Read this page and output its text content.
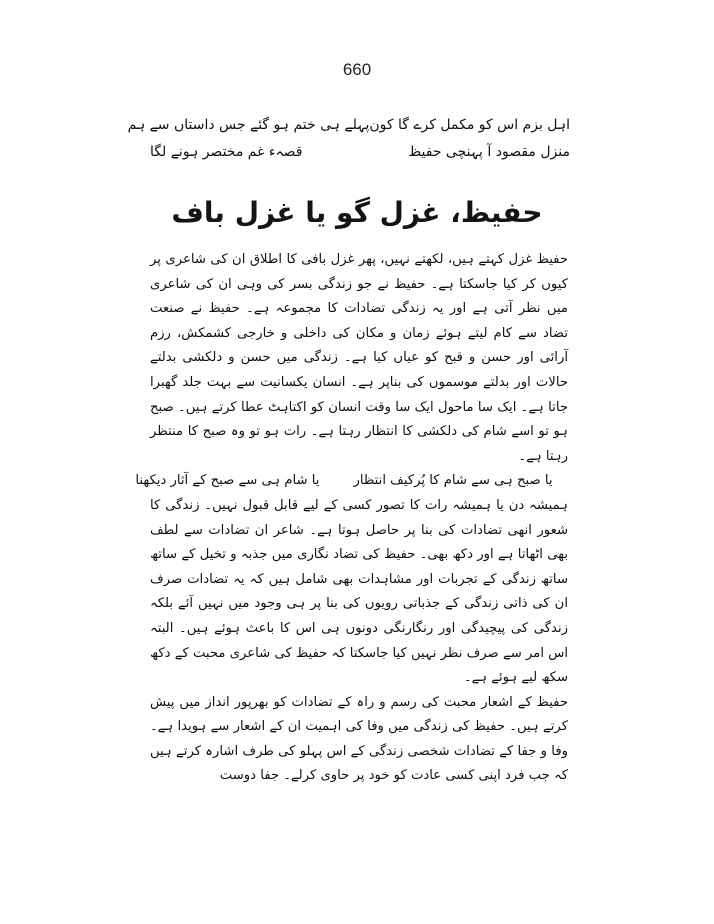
660
اہل بزم اس کو مکمل کرے گا کون
پہلے ہی ختم ہو گئے جس داستاں سے ہم
منزل مقصود آ پہنچی حفیظ
قصہء غم مختصر ہونے لگا
حفیظ، غزل گو یا غزل باف

حفیظ غزل کہتے ہیں، لکھتے نہیں، پھر غزل بافی کا اطلاق ان کی شاعری پر کیوں کر کیا جاسکتا ہے۔ حفیظ نے جو زندگی بسر کی وہی ان کی شاعری میں نظر آتی ہے اور یہ زندگی تضادات کا مجموعہ ہے۔ حفیظ نے صنعت تضاد سے کام لیتے ہوئے زمان و مکان کی داخلی و خارجی کشمکش، رزم آرائی اور حسن و قبح کو عیاں کیا ہے۔ زندگی میں حسن و دلکشی بدلتے حالات اور بدلتے موسموں کی بناپر ہے۔ انسان یکسانیت سے بہت جلد گھبرا جاتا ہے۔ ایک سا ماحول ایک سا وقت انسان کو اکتاہٹ عطا کرتے ہیں۔ صبح ہو تو اسے شام کی دلکشی کا انتظار رہتا ہے۔ رات ہو تو وہ صبح کا منتظر رہتا ہے۔

یا صبح ہی سے شام کا پُرکیف انتظار
یا شام ہی سے صبح کے آثار دیکھنا

ہمیشہ دن یا ہمیشہ رات کا تصور کسی کے لیے قابل قبول نہیں۔ زندگی کا شعور انھی تضادات کی بنا پر حاصل ہوتا ہے۔ شاعر ان تضادات سے لطف بھی اٹھاتا ہے اور دکھ بھی۔ حفیظ کی تضاد نگاری میں جذبہ و تخیل کے ساتھ ساتھ زندگی کے تجربات اور مشاہدات بھی شامل ہیں کہ یہ تضادات صرف ان کی ذاتی زندگی کے جذباتی رویوں کی بنا پر ہی وجود میں نہیں آئے بلکہ زندگی کی پیچیدگی اور رنگارنگی دونوں ہی اس کا باعث ہوئے ہیں۔ البتہ اس امر سے صرف نظر نہیں کیا جاسکتا کہ حفیظ کی شاعری محبت کے دکھ سکھ لیے ہوئے ہے۔

حفیظ کے اشعار محبت کی رسم و راہ کے تضادات کو بھرپور انداز میں پیش کرتے ہیں۔ حفیظ کی زندگی میں وفا کی اہمیت ان کے اشعار سے ہویدا ہے۔ وفا و جفا کے تضادات شخصی زندگی کے اس پہلو کی طرف اشارہ کرتے ہیں کہ جب فرد اپنی کسی عادت کو خود پر حاوی کرلے۔ جفا دوست
